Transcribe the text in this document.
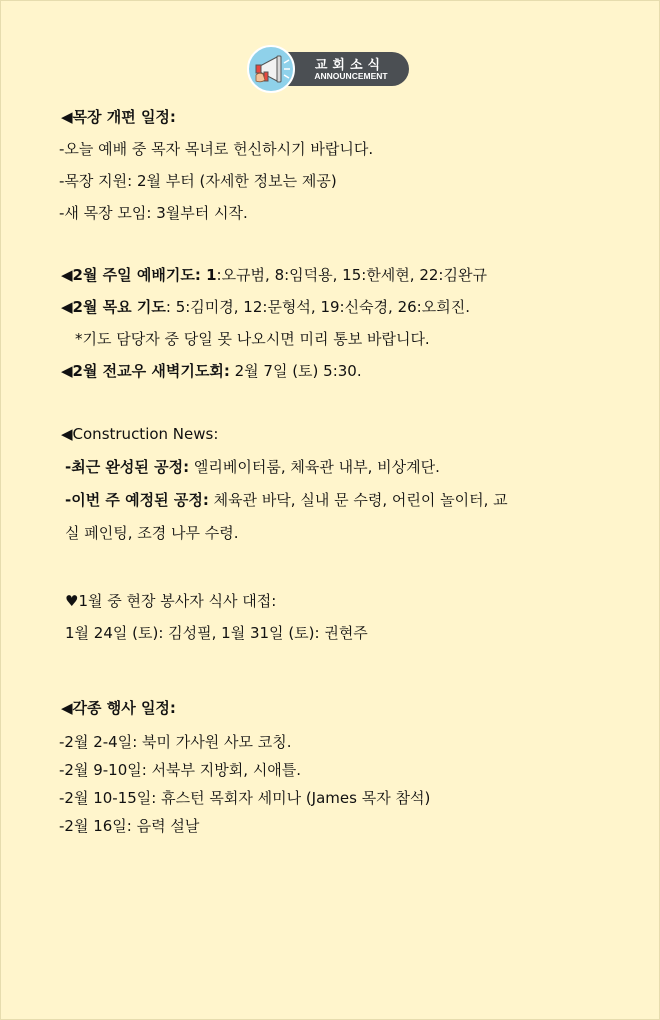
교회소식
ANNOUNCEMENT
◀목장 개편 일정:
-오늘 예배 중 목자 목녀로 헌신하시기 바랍니다.
-목장 지원: 2월 부터 (자세한 정보는 제공)
-새 목장 모임: 3월부터 시작.
◀2월 주일 예배기도: 1:오규범, 8:임덕용, 15:한세현, 22:김완규
◀2월 목요 기도: 5:김미경, 12:문형석, 19:신숙경, 26:오희진.
*기도 담당자 중 당일 못 나오시면 미리 통보 바랍니다.
◀2월 전교우 새벽기도회: 2월 7일 (토) 5:30.
◀Construction News:
-최근 완성된 공정: 엘리베이터룸, 체육관 내부, 비상계단.
-이번 주 예정된 공정: 체육관 바닥, 실내 문 수령, 어린이 놀이터, 교
실 페인팅, 조경 나무 수령.
♥1월 중 현장 봉사자 식사 대접:
1월 24일 (토): 김성필, 1월 31일 (토): 권현주
◀각종 행사 일정:
-2월 2-4일: 북미 가사원 사모 코칭.
-2월 9-10일: 서북부 지방회, 시애틀.
-2월 10-15일: 휴스턴 목회자 세미나 (James 목자 참석)
-2월 16일: 음력 설날
